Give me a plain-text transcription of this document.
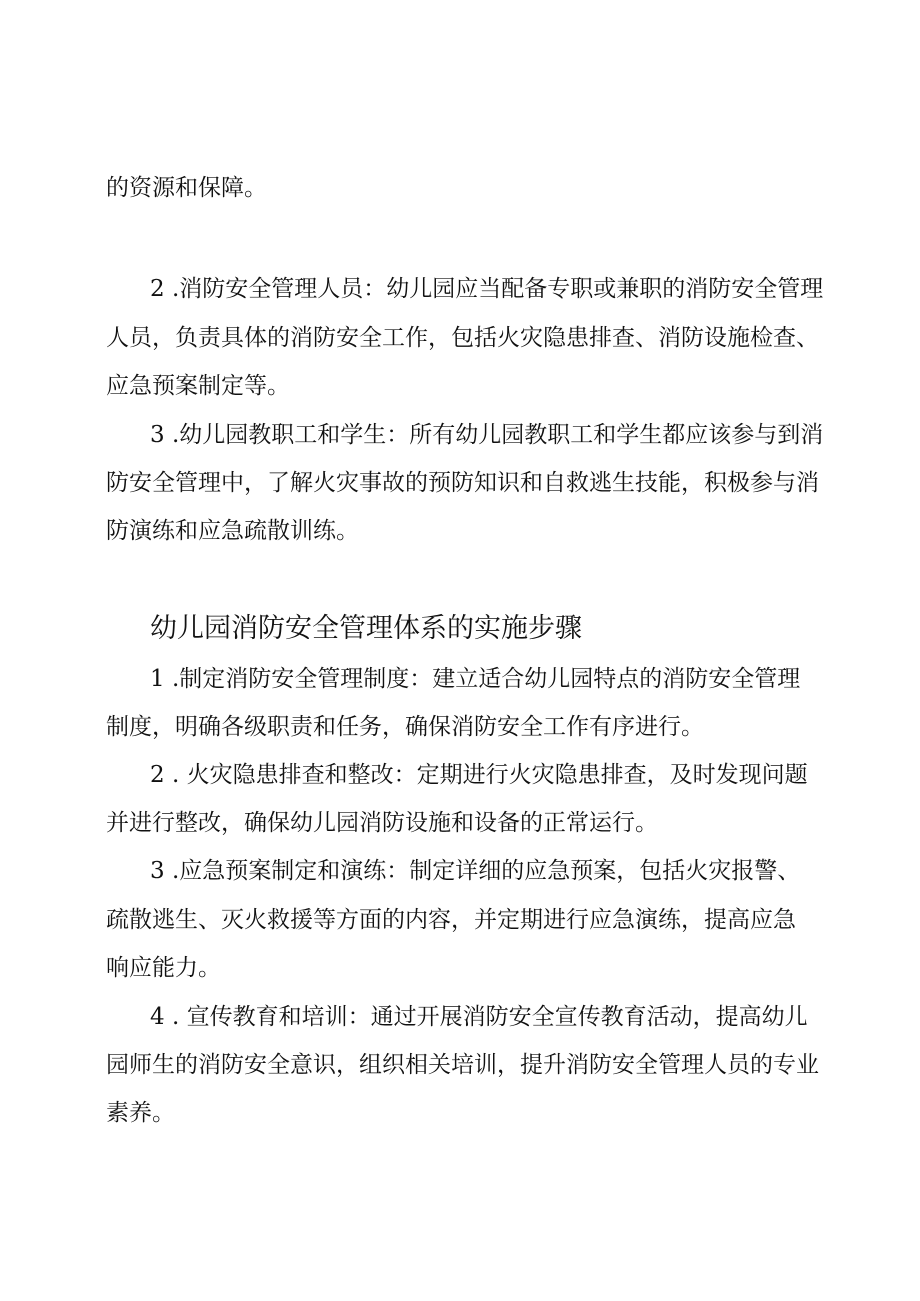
的资源和保障。
2 .消防安全管理人员：幼儿园应当配备专职或兼职的消防安全管理
人员，负责具体的消防安全工作，包括火灾隐患排查、消防设施检查、
应急预案制定等。
3 .幼儿园教职工和学生：所有幼儿园教职工和学生都应该参与到消
防安全管理中，了解火灾事故的预防知识和自救逃生技能，积极参与消
防演练和应急疏散训练。
幼儿园消防安全管理体系的实施步骤
1 .制定消防安全管理制度：建立适合幼儿园特点的消防安全管理
制度，明确各级职责和任务，确保消防安全工作有序进行。
2 . 火灾隐患排查和整改：定期进行火灾隐患排查，及时发现问题
并进行整改，确保幼儿园消防设施和设备的正常运行。
3 .应急预案制定和演练：制定详细的应急预案，包括火灾报警、
疏散逃生、灭火救援等方面的内容，并定期进行应急演练，提高应急
响应能力。
4 . 宣传教育和培训：通过开展消防安全宣传教育活动，提高幼儿
园师生的消防安全意识，组织相关培训，提升消防安全管理人员的专业
素养。
